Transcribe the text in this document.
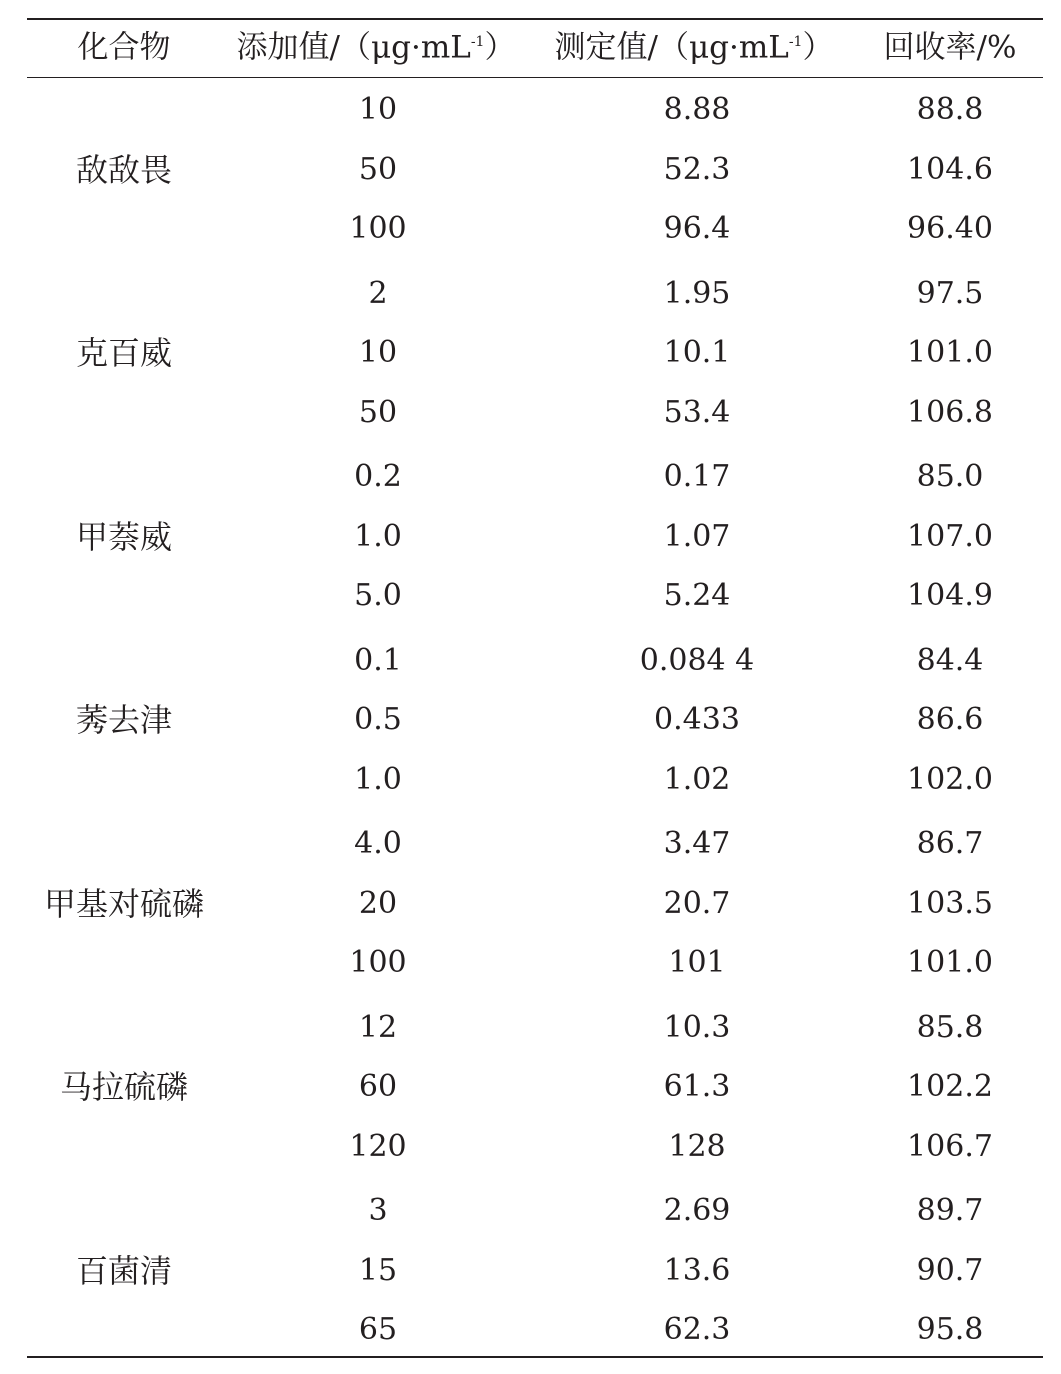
化合物 添加值$/(\mu g\cdot mL^{-1})$ 测定值$/(\mu g\cdot mL^{-1})$ 回收率/%
敌敌畏
10	8.88	88.8
50	52.3	104.6
100	96.4	96.40
克百威
2	1.95	97.5
10	10.1	101.0
50	53.4	106.8
甲萘威
0.2	0.17	85.0
1.0	1.07	107.0
5.0	5.24	104.9
莠去津
0.1	0.084 4	84.4
0.5	0.433	86.6
1.0	1.02	102.0
甲基对硫磷
4.0	3.47	86.7
20	20.7	103.5
100	101	101.0
马拉硫磷
12	10.3	85.8
60	61.3	102.2
120	128	106.7
百菌清
3	2.69	89.7
15	13.6	90.7
65	62.3	95.8
